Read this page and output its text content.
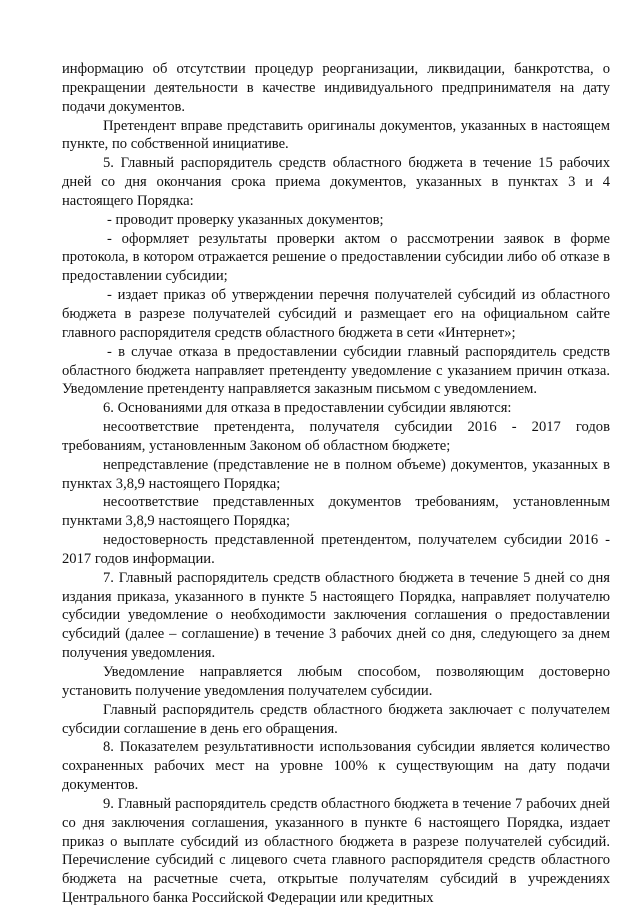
информацию об отсутствии процедур реорганизации, ликвидации, банкротства, о прекращении деятельности в качестве индивидуального предпринимателя на дату подачи документов.

Претендент вправе представить оригиналы документов, указанных в настоящем пункте, по собственной инициативе.

5. Главный распорядитель средств областного бюджета в течение 15 рабочих дней со дня окончания срока приема документов, указанных в пунктах 3 и 4 настоящего Порядка:

- проводит проверку указанных документов;

- оформляет результаты проверки актом о рассмотрении заявок в форме протокола, в котором отражается решение о предоставлении субсидии либо об отказе в предоставлении субсидии;

- издает приказ об утверждении перечня получателей субсидий из областного бюджета в разрезе получателей субсидий и размещает его на официальном сайте главного распорядителя средств областного бюджета в сети «Интернет»;

- в случае отказа в предоставлении субсидии главный распорядитель средств областного бюджета направляет претенденту уведомление с указанием причин отказа. Уведомление претенденту направляется заказным письмом с уведомлением.

6. Основаниями для отказа в предоставлении субсидии являются:

несоответствие претендента, получателя субсидии 2016 - 2017 годов требованиям, установленным Законом об областном бюджете;

непредставление (представление не в полном объеме) документов, указанных в пунктах 3,8,9 настоящего Порядка;

несоответствие представленных документов требованиям, установленным пунктами 3,8,9 настоящего Порядка;

недостоверность представленной претендентом, получателем субсидии 2016 - 2017 годов информации.

7. Главный распорядитель средств областного бюджета в течение 5 дней со дня издания приказа, указанного в пункте 5 настоящего Порядка, направляет получателю субсидии уведомление о необходимости заключения соглашения о предоставлении субсидий (далее – соглашение) в течение 3 рабочих дней со дня, следующего за днем получения уведомления.

Уведомление направляется любым способом, позволяющим достоверно установить получение уведомления получателем субсидии.

Главный распорядитель средств областного бюджета заключает с получателем субсидии соглашение в день его обращения.

8. Показателем результативности использования субсидии является количество сохраненных рабочих мест на уровне 100% к существующим на дату подачи документов.

9. Главный распорядитель средств областного бюджета в течение 7 рабочих дней со дня заключения соглашения, указанного в пункте 6 настоящего Порядка, издает приказ о выплате субсидий из областного бюджета в разрезе получателей субсидий. Перечисление субсидий с лицевого счета главного распорядителя средств областного бюджета на расчетные счета, открытые получателям субсидий в учреждениях Центрального банка Российской Федерации или кредитных
